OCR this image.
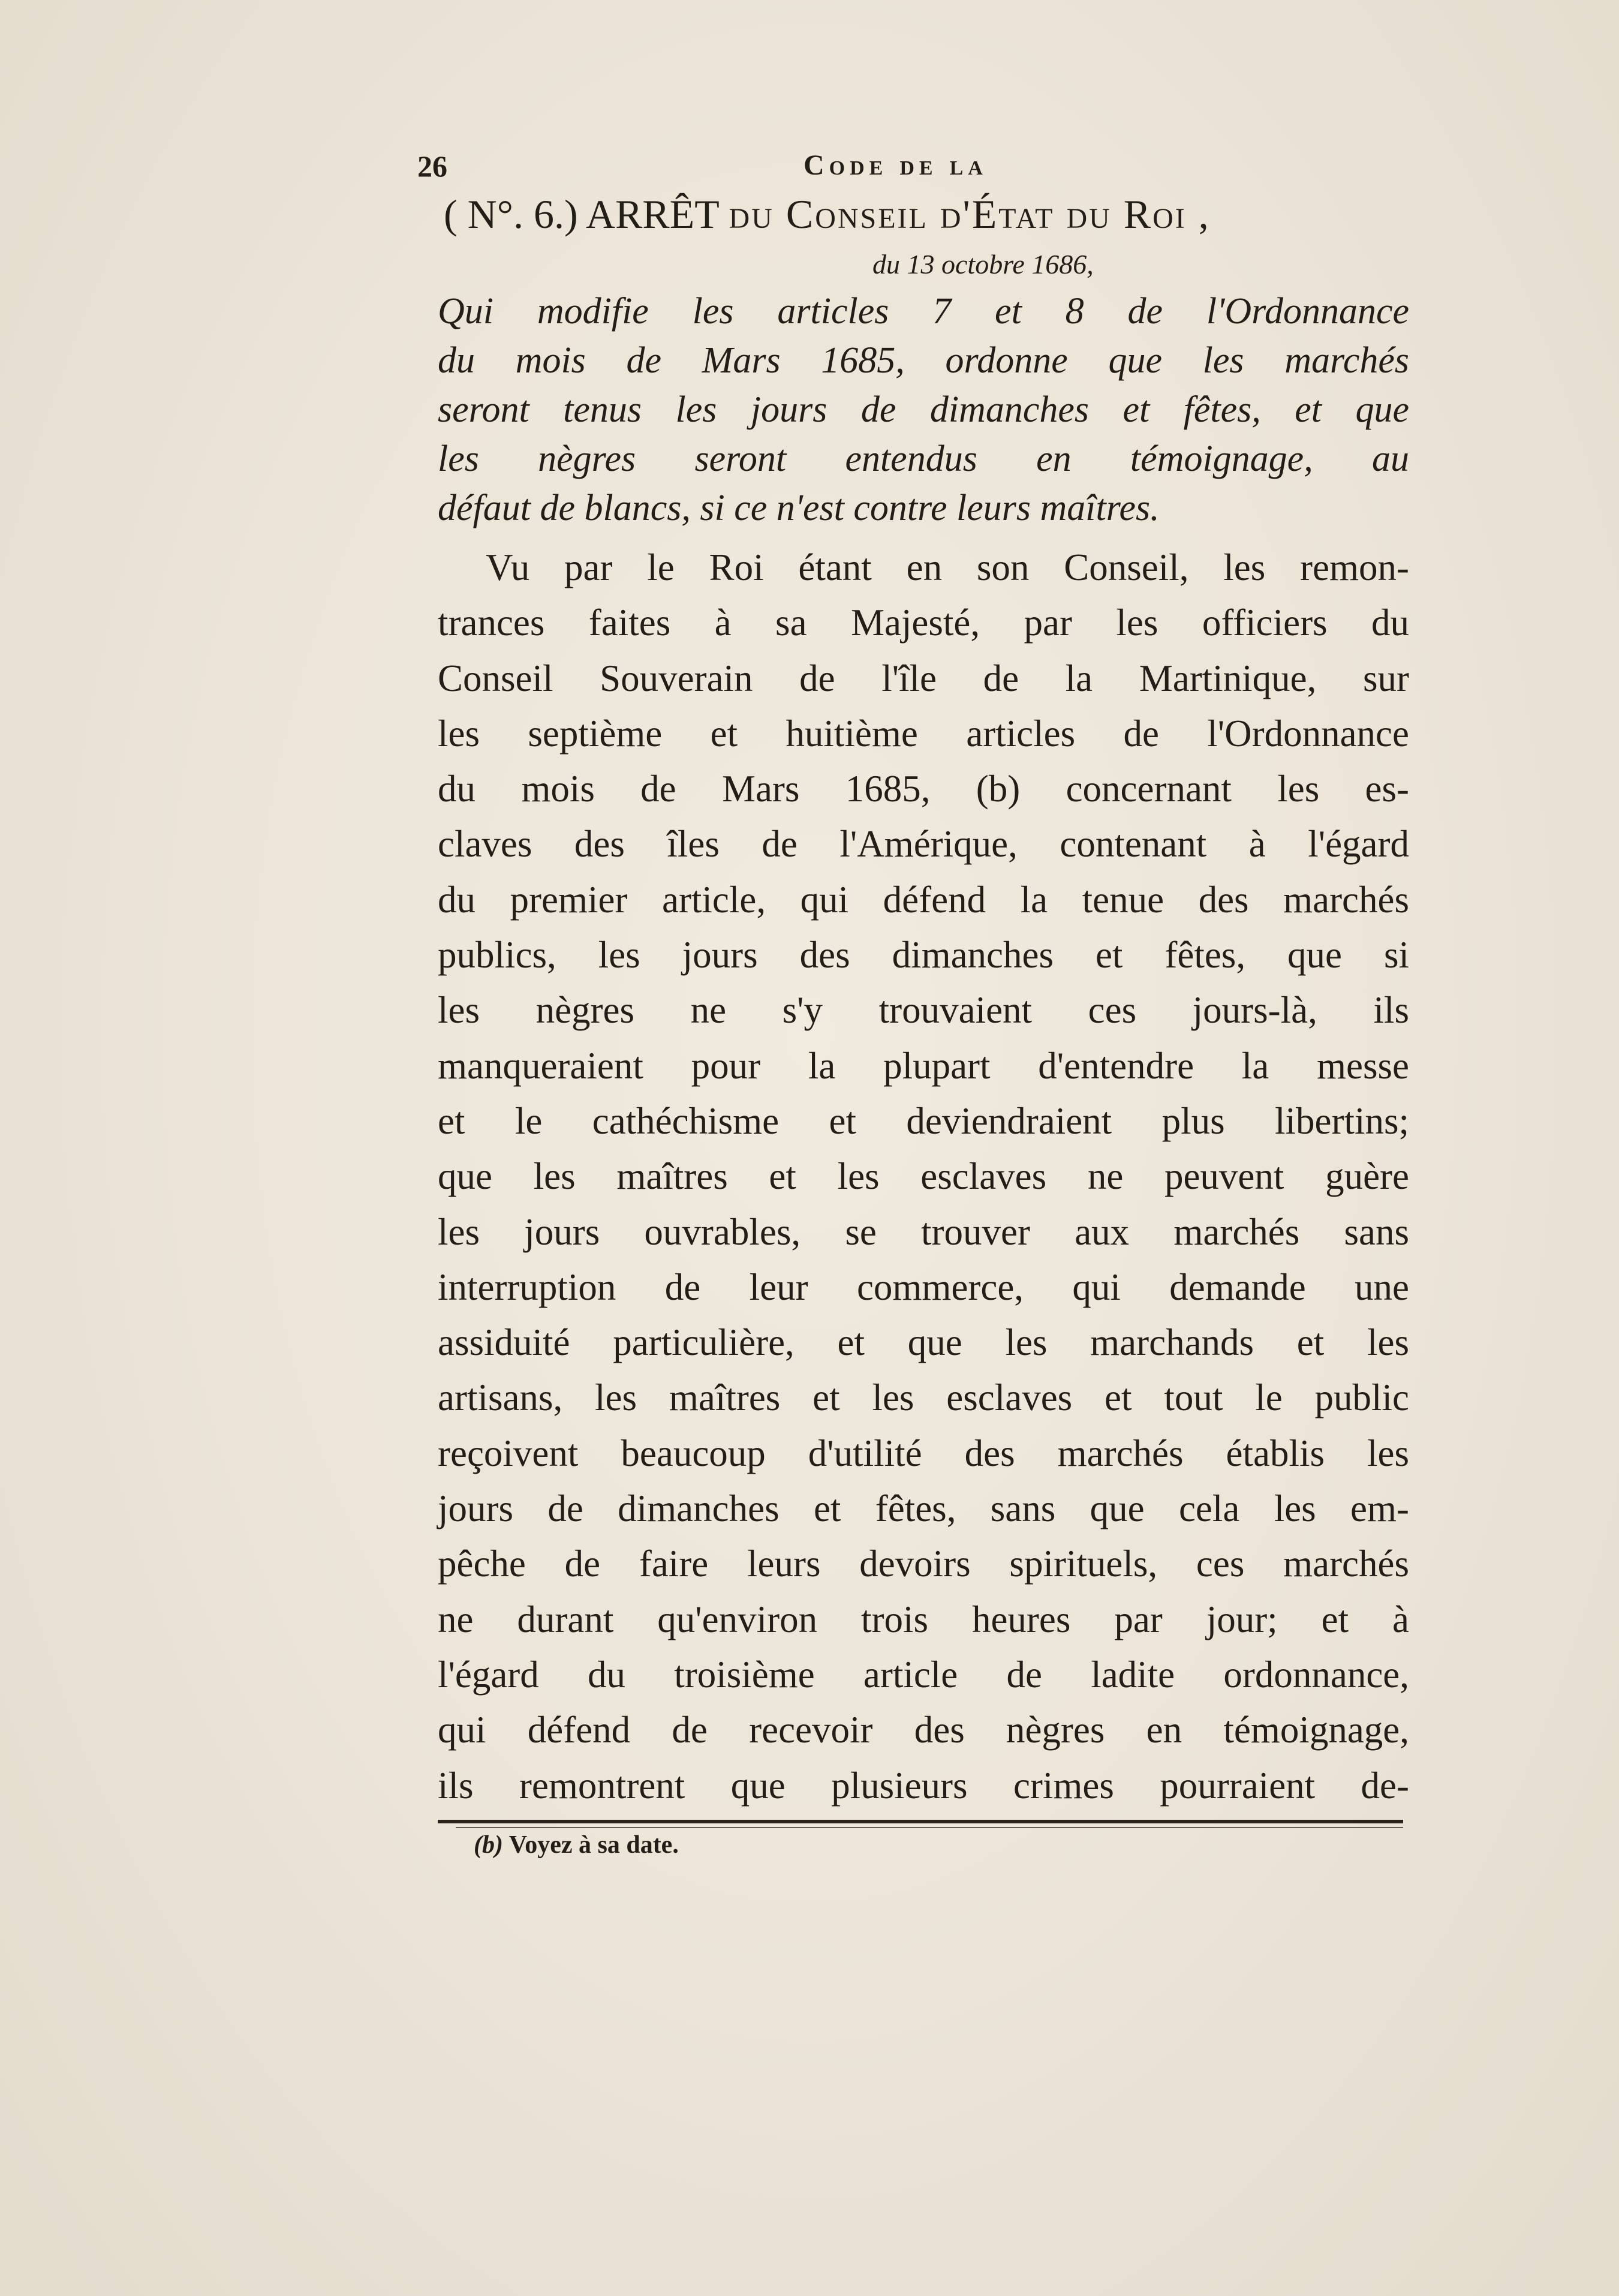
26	Code de la
( N°. 6.) ARRÊT du Conseil d'État du Roi ,
du 13 octobre 1686,
Qui modifie les articles 7 et 8 de l'Ordonnance
du mois de Mars 1685, ordonne que les marchés
seront tenus les jours de dimanches et fêtes, et que
les nègres seront entendus en témoignage, au
défaut de blancs, si ce n'est contre leurs maîtres.
Vu par le Roi étant en son Conseil, les remon-
trances faites à sa Majesté, par les officiers du
Conseil Souverain de l'île de la Martinique, sur
les septième et huitième articles de l'Ordonnance
du mois de Mars 1685, (b) concernant les es-
claves des îles de l'Amérique, contenant à l'égard
du premier article, qui défend la tenue des marchés
publics, les jours des dimanches et fêtes, que si
les nègres ne s'y trouvaient ces jours-là, ils
manqueraient pour la plupart d'entendre la messe
et le cathéchisme et deviendraient plus libertins;
que les maîtres et les esclaves ne peuvent guère
les jours ouvrables, se trouver aux marchés sans
interruption de leur commerce, qui demande une
assiduité particulière, et que les marchands et les
artisans, les maîtres et les esclaves et tout le public
reçoivent beaucoup d'utilité des marchés établis les
jours de dimanches et fêtes, sans que cela les em-
pêche de faire leurs devoirs spirituels, ces marchés
ne durant qu'environ trois heures par jour; et à
l'égard du troisième article de ladite ordonnance,
qui défend de recevoir des nègres en témoignage,
ils remontrent que plusieurs crimes pourraient de-
(b) Voyez à sa date.
